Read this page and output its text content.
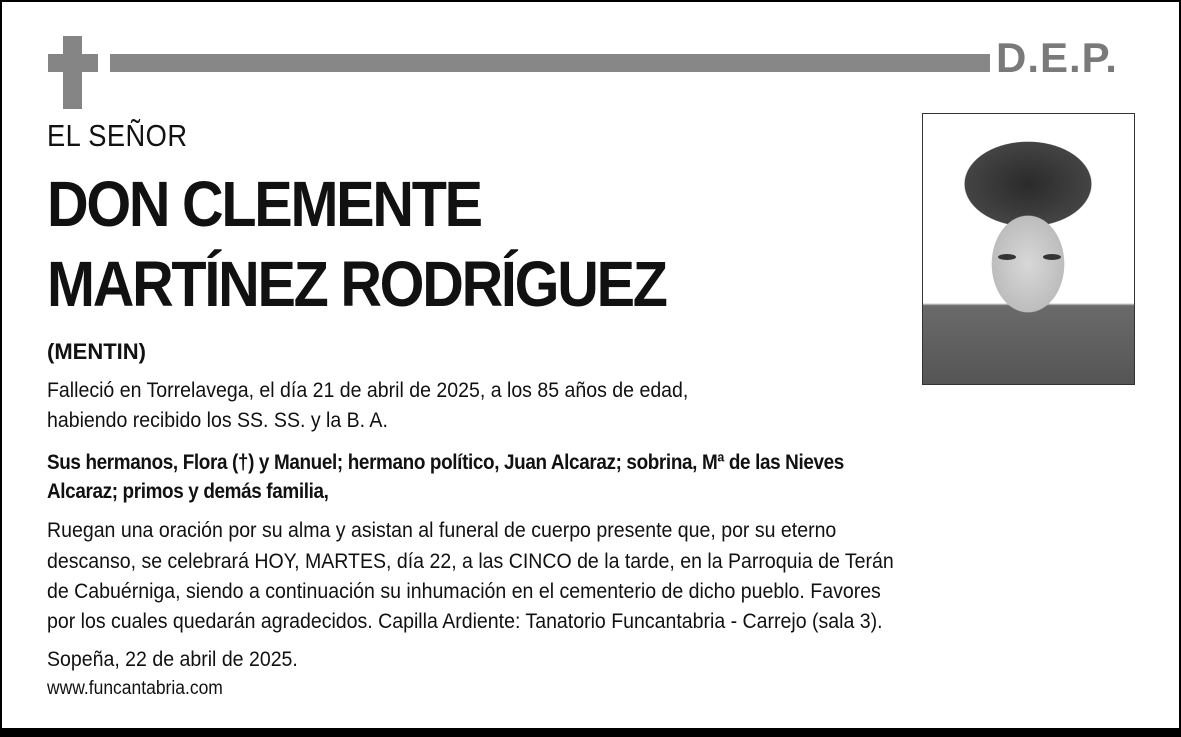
D.E.P.
EL SEÑOR
DON CLEMENTE
MARTÍNEZ RODRÍGUEZ
(MENTIN)
Falleció en Torrelavega, el día 21 de abril de 2025, a los 85 años de edad,
habiendo recibido los SS. SS. y la B. A.
Sus hermanos, Flora (†) y Manuel; hermano político, Juan Alcaraz; sobrina, Mª de las Nieves
Alcaraz; primos y demás familia,
Ruegan una oración por su alma y asistan al funeral de cuerpo presente que, por su eterno
descanso, se celebrará HOY, MARTES, día 22, a las CINCO de la tarde, en la Parroquia de Terán
de Cabuérniga, siendo a continuación su inhumación en el cementerio de dicho pueblo. Favores
por los cuales quedarán agradecidos. Capilla Ardiente: Tanatorio Funcantabria - Carrejo (sala 3).
Sopeña, 22 de abril de 2025.
www.funcantabria.com
